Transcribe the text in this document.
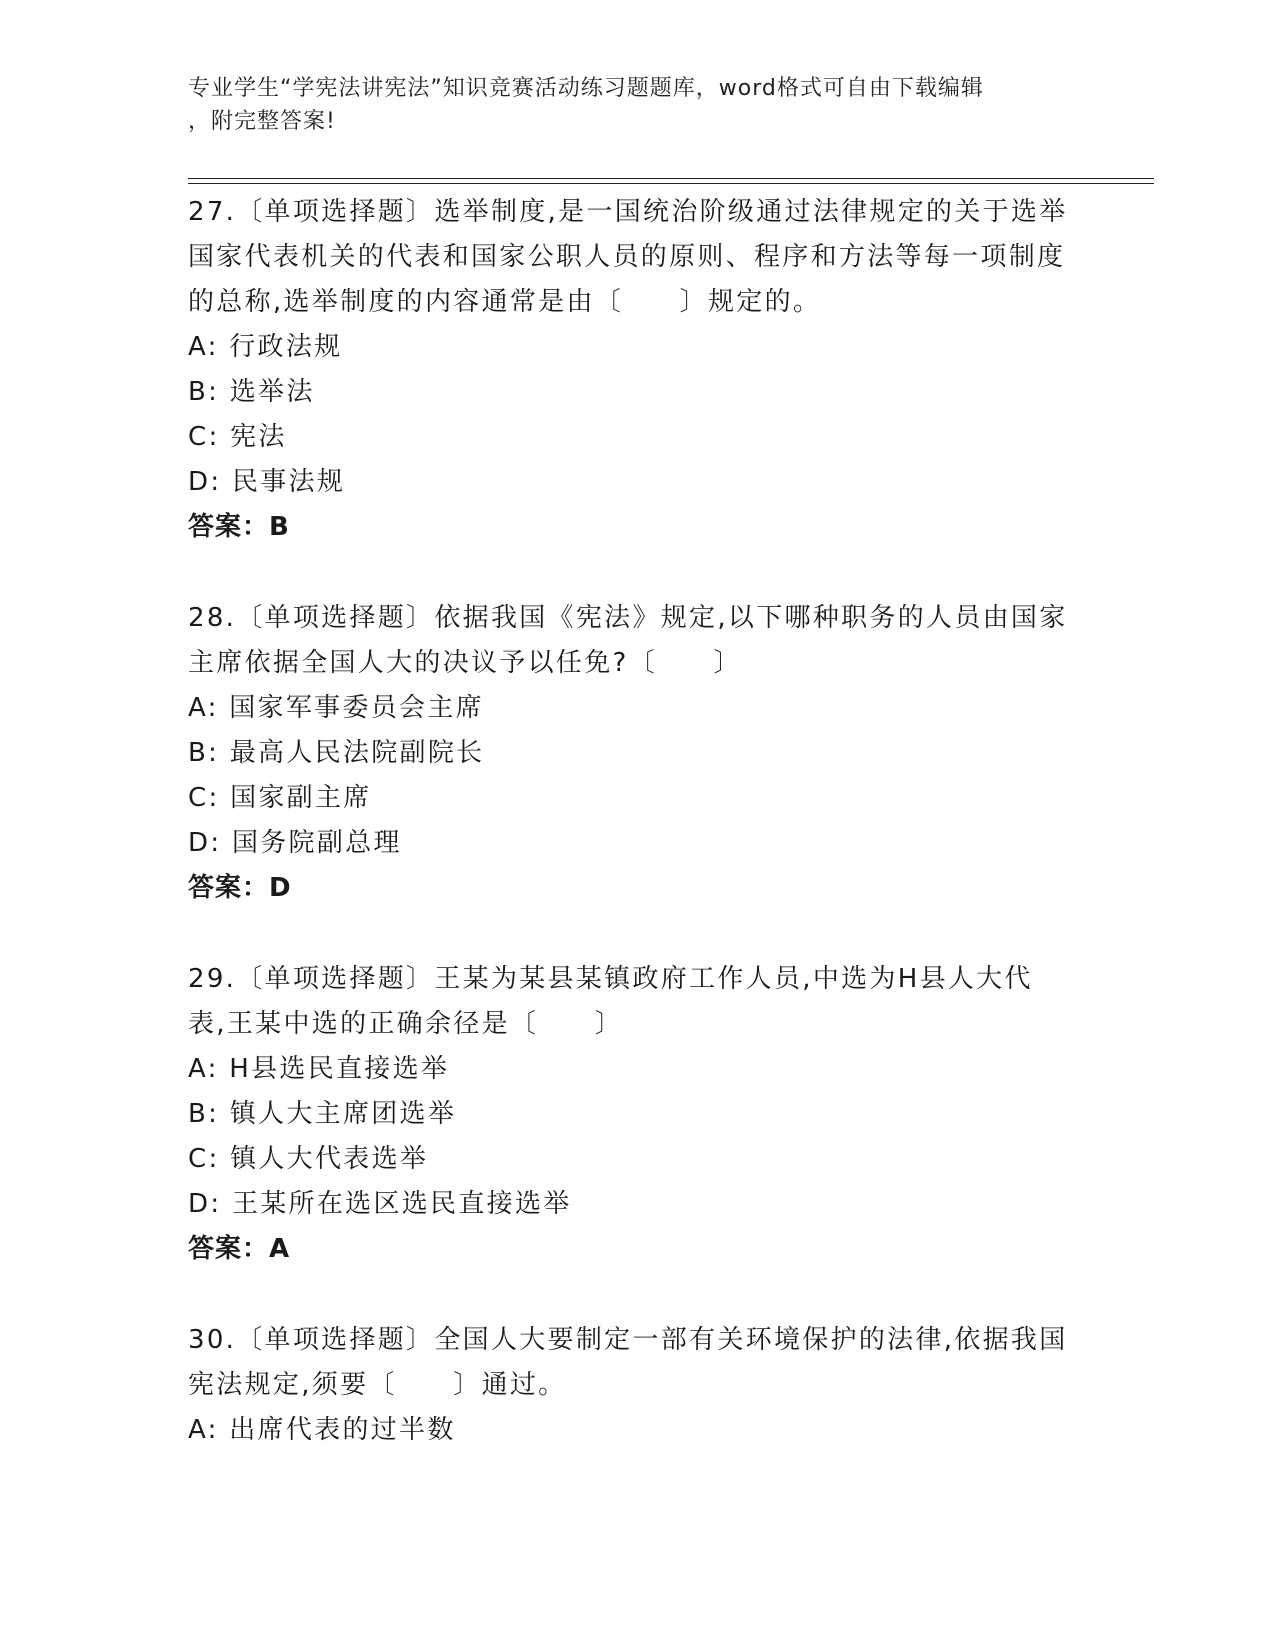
专业学生“学宪法讲宪法”知识竞赛活动练习题题库，word格式可自由下载编辑
，附完整答案!

27.〔单项选择题〕选举制度,是一国统治阶级通过法律规定的关于选举国家代表机关的代表和国家公职人员的原则、程序和方法等每一项制度的总称,选举制度的内容通常是由〔　　〕规定的。

A: 行政法规

B: 选举法

C: 宪法

D: 民事法规

答案：B

28.〔单项选择题〕依据我国《宪法》规定,以下哪种职务的人员由国家主席依据全国人大的决议予以任免?〔　　〕

A: 国家军事委员会主席

B: 最高人民法院副院长

C: 国家副主席

D: 国务院副总理

答案：D

29.〔单项选择题〕王某为某县某镇政府工作人员,中选为H县人大代表,王某中选的正确余径是〔　　〕

A: H县选民直接选举

B: 镇人大主席团选举

C: 镇人大代表选举

D: 王某所在选区选民直接选举

答案：A

30.〔单项选择题〕全国人大要制定一部有关环境保护的法律,依据我国宪法规定,须要〔　　〕通过。

A: 出席代表的过半数
